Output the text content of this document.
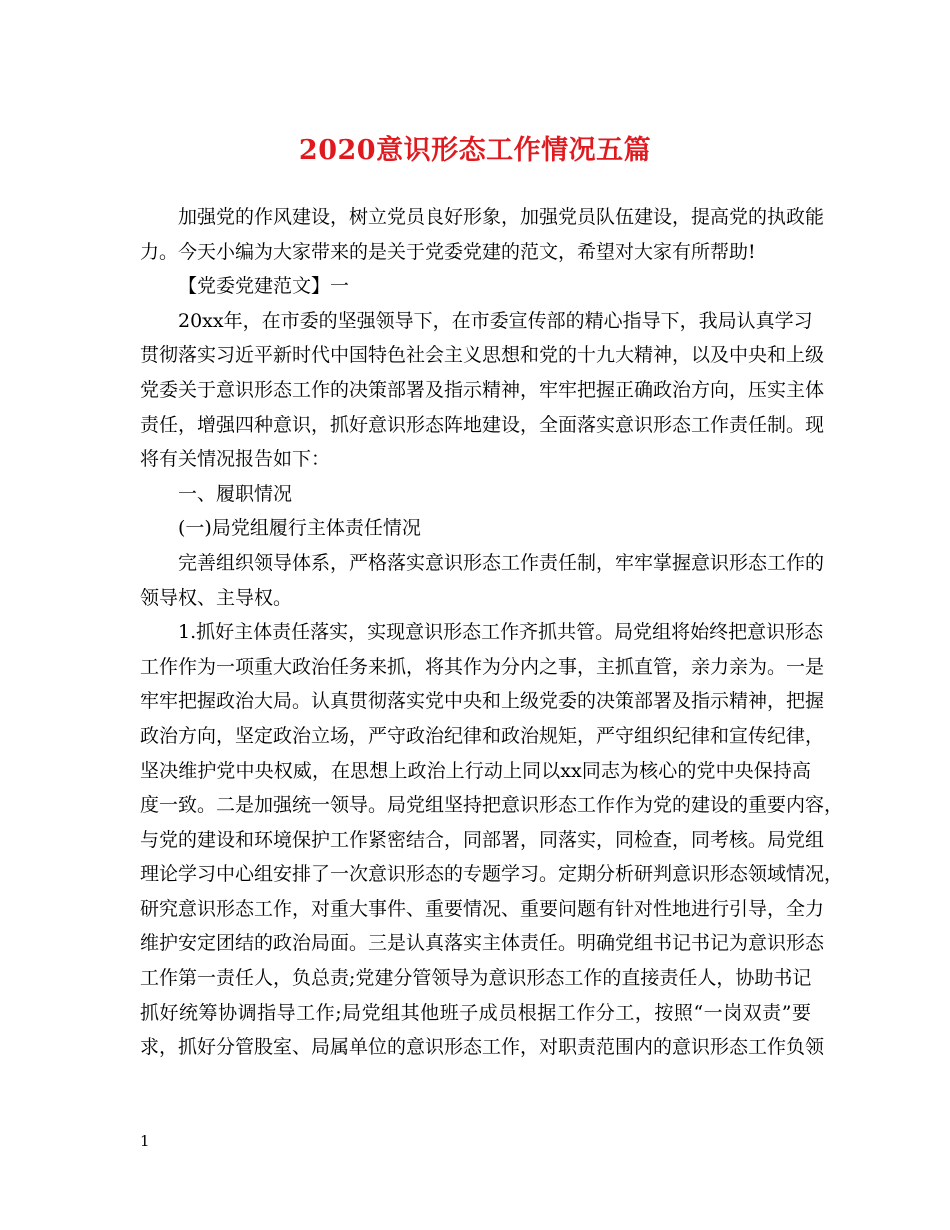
2020意识形态工作情况五篇
加强党的作风建设，树立党员良好形象，加强党员队伍建设，提高党的执政能
力。今天小编为大家带来的是关于党委党建的范文，希望对大家有所帮助!
【党委党建范文】一
20xx年，在市委的坚强领导下，在市委宣传部的精心指导下，我局认真学习
贯彻落实习近平新时代中国特色社会主义思想和党的十九大精神，以及中央和上级
党委关于意识形态工作的决策部署及指示精神，牢牢把握正确政治方向，压实主体
责任，增强四种意识，抓好意识形态阵地建设，全面落实意识形态工作责任制。现
将有关情况报告如下：
一、履职情况
(一)局党组履行主体责任情况
完善组织领导体系，严格落实意识形态工作责任制，牢牢掌握意识形态工作的
领导权、主导权。
1.抓好主体责任落实，实现意识形态工作齐抓共管。局党组将始终把意识形态
工作作为一项重大政治任务来抓，将其作为分内之事，主抓直管，亲力亲为。一是
牢牢把握政治大局。认真贯彻落实党中央和上级党委的决策部署及指示精神，把握
政治方向，坚定政治立场，严守政治纪律和政治规矩，严守组织纪律和宣传纪律，
坚决维护党中央权威，在思想上政治上行动上同以xx同志为核心的党中央保持高
度一致。二是加强统一领导。局党组坚持把意识形态工作作为党的建设的重要内容，
与党的建设和环境保护工作紧密结合，同部署，同落实，同检查，同考核。局党组
理论学习中心组安排了一次意识形态的专题学习。定期分析研判意识形态领域情况，
研究意识形态工作，对重大事件、重要情况、重要问题有针对性地进行引导，全力
维护安定团结的政治局面。三是认真落实主体责任。明确党组书记书记为意识形态
工作第一责任人，负总责;党建分管领导为意识形态工作的直接责任人，协助书记
抓好统筹协调指导工作;局党组其他班子成员根据工作分工，按照“一岗双责”要
求，抓好分管股室、局属单位的意识形态工作，对职责范围内的意识形态工作负领
1
